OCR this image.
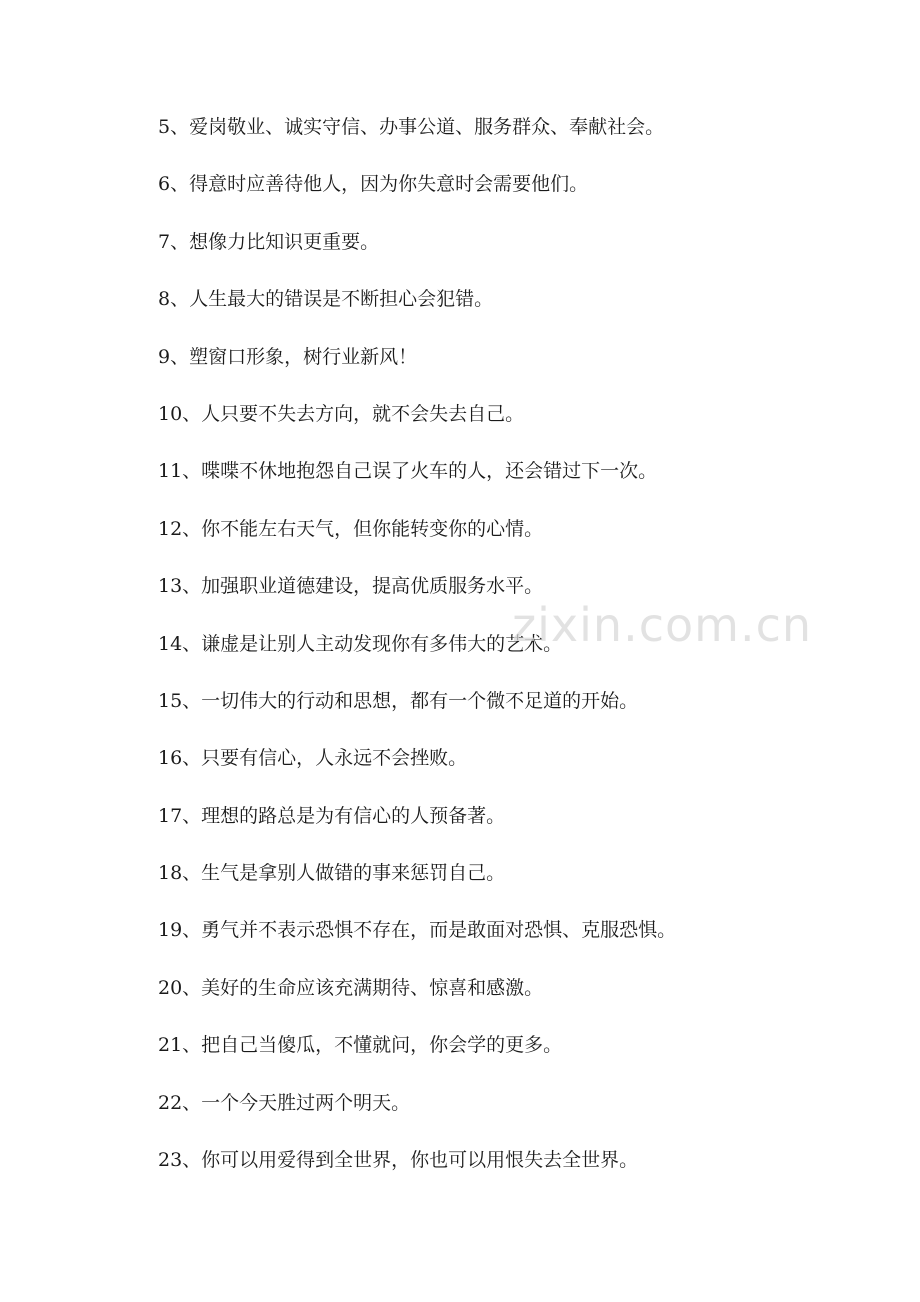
5、爱岗敬业、诚实守信、办事公道、服务群众、奉献社会。
6、得意时应善待他人，因为你失意时会需要他们。
7、想像力比知识更重要。
8、人生最大的错误是不断担心会犯错。
9、塑窗口形象，树行业新风！
10、人只要不失去方向，就不会失去自己。
11、喋喋不休地抱怨自己误了火车的人，还会错过下一次。
12、你不能左右天气，但你能转变你的心情。
13、加强职业道德建设，提高优质服务水平。
14、谦虚是让别人主动发现你有多伟大的艺术。
15、一切伟大的行动和思想，都有一个微不足道的开始。
16、只要有信心，人永远不会挫败。
17、理想的路总是为有信心的人预备著。
18、生气是拿别人做错的事来惩罚自己。
19、勇气并不表示恐惧不存在，而是敢面对恐惧、克服恐惧。
20、美好的生命应该充满期待、惊喜和感激。
21、把自己当傻瓜，不懂就问，你会学的更多。
22、一个今天胜过两个明天。
23、你可以用爱得到全世界，你也可以用恨失去全世界。
zixin.com.cn
